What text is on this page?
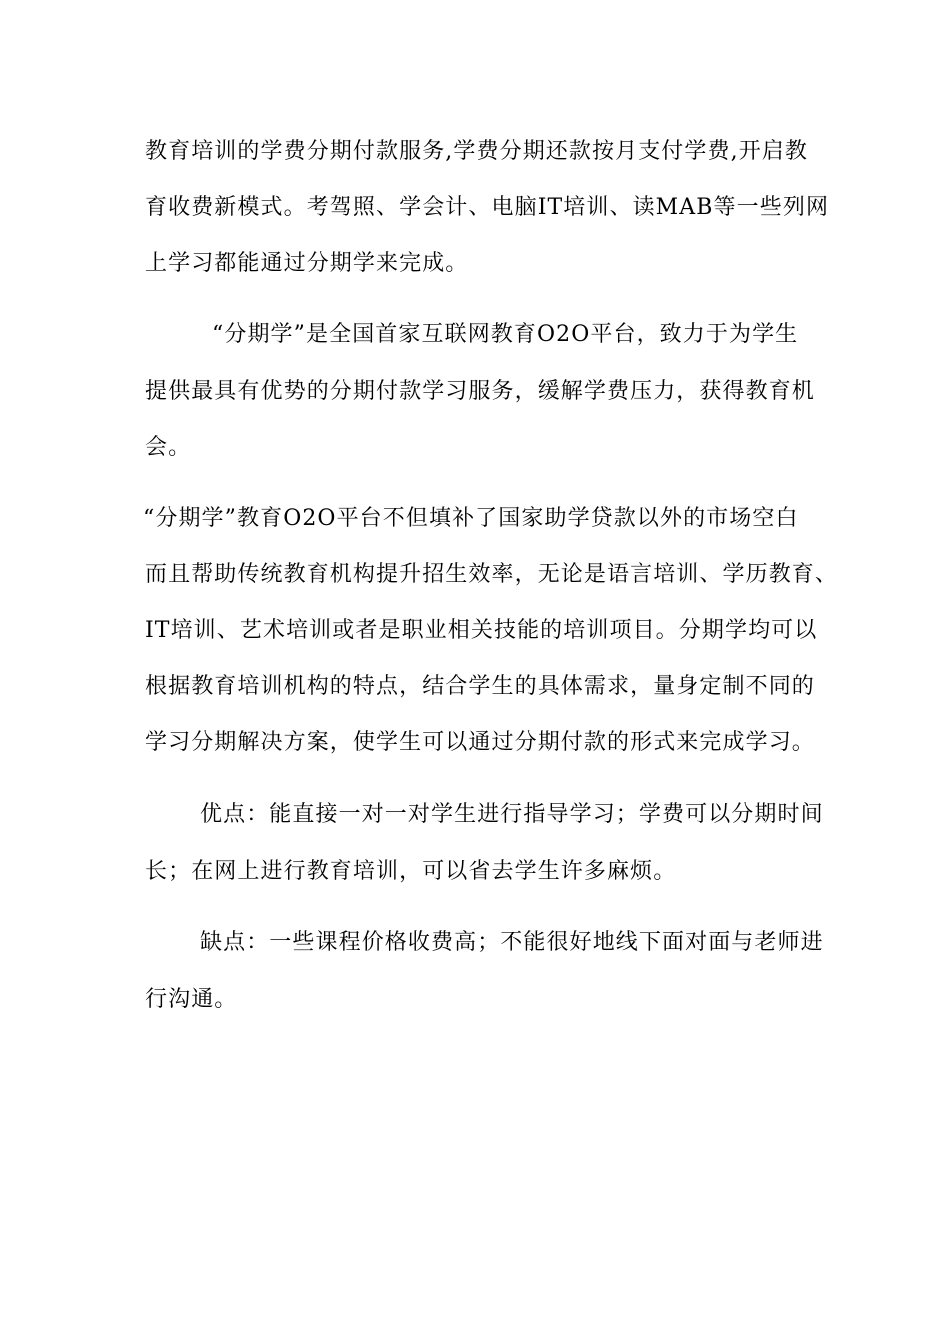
教育培训的学费分期付款服务,学费分期还款按月支付学费,开启教
育收费新模式。考驾照、学会计、电脑IT培训、读MAB等一些列网
上学习都能通过分期学来完成。
“分期学”是全国首家互联网教育O2O平台，致力于为学生
提供最具有优势的分期付款学习服务，缓解学费压力，获得教育机
会。
“分期学”教育O2O平台不但填补了国家助学贷款以外的市场空白
而且帮助传统教育机构提升招生效率，无论是语言培训、学历教育、
IT培训、艺术培训或者是职业相关技能的培训项目。分期学均可以
根据教育培训机构的特点，结合学生的具体需求，量身定制不同的
学习分期解决方案，使学生可以通过分期付款的形式来完成学习。
优点：能直接一对一对学生进行指导学习；学费可以分期时间
长；在网上进行教育培训，可以省去学生许多麻烦。
缺点：一些课程价格收费高；不能很好地线下面对面与老师进
行沟通。
